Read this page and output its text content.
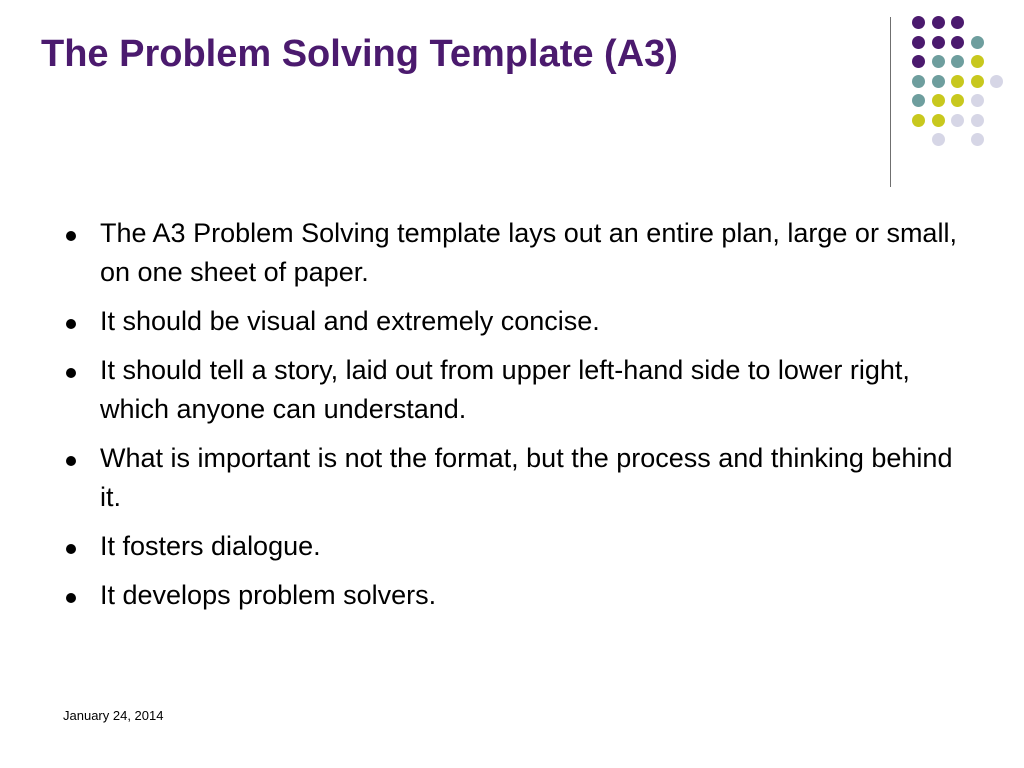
The Problem Solving Template (A3)
The A3 Problem Solving template lays out an entire plan, large or small, on one sheet of paper.
It should be visual and extremely concise.
It should tell a story, laid out from upper left-hand side to lower right, which anyone can understand.
What is important is not the format, but the process and thinking behind it.
It fosters dialogue.
It develops problem solvers.
January 24, 2014
